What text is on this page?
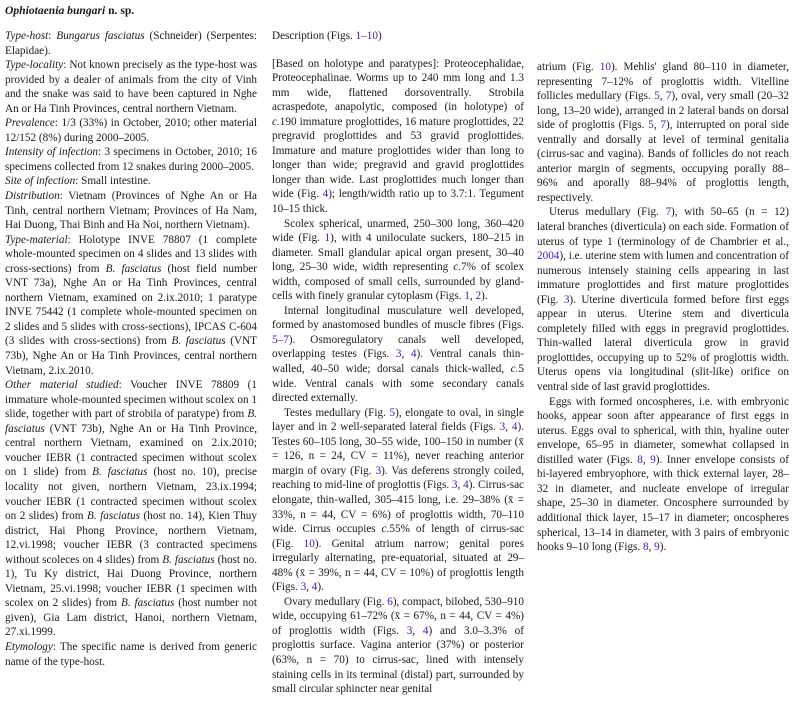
Ophiotaenia bungari n. sp.

Type-host: Bungarus fasciatus (Schneider) (Serpentes: Elapidae).

Type-locality: Not known precisely as the type-host was provided by a dealer of animals from the city of Vinh and the snake was said to have been captured in Nghe An or Ha Tinh Provinces, central northern Vietnam.

Prevalence: 1/3 (33%) in October, 2010; other material 12/152 (8%) during 2000–2005.

Intensity of infection: 3 specimens in October, 2010; 16 specimens collected from 12 snakes during 2000–2005.

Site of infection: Small intestine.

Distribution: Vietnam (Provinces of Nghe An or Ha Tinh, central northern Vietnam; Provinces of Ha Nam, Hai Duong, Thai Binh and Ha Noi, northern Vietnam).

Type-material: Holotype INVE 78807 (1 complete whole-mounted specimen on 4 slides and 13 slides with cross-sections) from B. fasciatus (host field number VNT 73a), Nghe An or Ha Tinh Provinces, central northern Vietnam, examined on 2.ix.2010; 1 paratype INVE 75442 (1 complete whole-mounted specimen on 2 slides and 5 slides with cross-sections), IPCAS C-604 (3 slides with cross-sections) from B. fasciatus (VNT 73b), Nghe An or Ha Tinh Provinces, central northern Vietnam, 2.ix.2010.

Other material studied: Voucher INVE 78809 (1 immature whole-mounted specimen without scolex on 1 slide, together with part of strobila of paratype) from B. fasciatus (VNT 73b), Nghe An or Ha Tinh Province, central northern Vietnam, examined on 2.ix.2010; voucher IEBR (1 contracted specimen without scolex on 1 slide) from B. fasciatus (host no. 10), precise locality not given, northern Vietnam, 23.ix.1994; voucher IEBR (1 contracted specimen without scolex on 2 slides) from B. fasciatus (host no. 14), Kien Thuy district, Hai Phong Province, northern Vietnam, 12.vi.1998; voucher IEBR (3 contracted specimens without scoleces on 4 slides) from B. fasciatus (host no. 1), Tu Ky district, Hai Duong Province, northern Vietnam, 25.vi.1998; voucher IEBR (1 specimen with scolex on 2 slides) from B. fasciatus (host number not given), Gia Lam district, Hanoi, northern Vietnam, 27.xi.1999.

Etymology: The specific name is derived from generic name of the type-host.

Description (Figs. 1–10)

[Based on holotype and paratypes]: Proteocephalidae, Proteocephalinae. Worms up to 240 mm long and 1.3 mm wide, flattened dorsoventrally. Strobila acraspedote, anapolytic, composed (in holotype) of c.190 immature proglottides, 16 mature proglottides, 22 pregravid proglottides and 53 gravid proglottides. Immature and mature proglottides wider than long to longer than wide; pregravid and gravid proglottides longer than wide. Last proglottides much longer than wide (Fig. 4); length/width ratio up to 3.7:1. Tegument 10–15 thick.

Scolex spherical, unarmed, 250–300 long, 360–420 wide (Fig. 1), with 4 uniloculate suckers, 180–215 in diameter. Small glandular apical organ present, 30–40 long, 25–30 wide, width representing c.7% of scolex width, composed of small cells, surrounded by gland-cells with finely granular cytoplasm (Figs. 1, 2).

Internal longitudinal musculature well developed, formed by anastomosed bundles of muscle fibres (Figs. 5–7). Osmoregulatory canals well developed, overlapping testes (Figs. 3, 4). Ventral canals thin-walled, 40–50 wide; dorsal canals thick-walled, c.5 wide. Ventral canals with some secondary canals directed externally.

Testes medullary (Fig. 5), elongate to oval, in single layer and in 2 well-separated lateral fields (Figs. 3, 4). Testes 60–105 long, 30–55 wide, 100–150 in number (x̄ = 126, n = 24, CV = 11%), never reaching anterior margin of ovary (Fig. 3). Vas deferens strongly coiled, reaching to mid-line of proglottis (Figs. 3, 4). Cirrus-sac elongate, thin-walled, 305–415 long, i.e. 29–38% (x̄ = 33%, n = 44, CV = 6%) of proglottis width, 70–110 wide. Cirrus occupies c.55% of length of cirrus-sac (Fig. 10). Genital atrium narrow; genital pores irregularly alternating, pre-equatorial, situated at 29–48% (x̄ = 39%, n = 44, CV = 10%) of proglottis length (Figs. 3, 4).

Ovary medullary (Fig. 6), compact, bilobed, 530–910 wide, occupying 61–72% (x̄ = 67%, n = 44, CV = 4%) of proglottis width (Figs. 3, 4) and 3.0–3.3% of proglottis surface. Vagina anterior (37%) or posterior (63%, n = 70) to cirrus-sac, lined with intensely staining cells in its terminal (distal) part, surrounded by small circular sphincter near genital

atrium (Fig. 10). Mehlis' gland 80–110 in diameter, representing 7–12% of proglottis width. Vitelline follicles medullary (Figs. 5, 7), oval, very small (20–32 long, 13–20 wide), arranged in 2 lateral bands on dorsal side of proglottis (Figs. 5, 7), interrupted on poral side ventrally and dorsally at level of terminal genitalia (cirrus-sac and vagina). Bands of follicles do not reach anterior margin of segments, occupying porally 88–96% and aporally 88–94% of proglottis length, respectively.

Uterus medullary (Fig. 7), with 50–65 (n = 12) lateral branches (diverticula) on each side. Formation of uterus of type 1 (terminology of de Chambrier et al., 2004), i.e. uterine stem with lumen and concentration of numerous intensely staining cells appearing in last immature proglottides and first mature proglottides (Fig. 3). Uterine diverticula formed before first eggs appear in uterus. Uterine stem and diverticula completely filled with eggs in pregravid proglottides. Thin-walled lateral diverticula grow in gravid proglottides, occupying up to 52% of proglottis width. Uterus opens via longitudinal (slit-like) orifice on ventral side of last gravid proglottides.

Eggs with formed oncospheres, i.e. with embryonic hooks, appear soon after appearance of first eggs in uterus. Eggs oval to spherical, with thin, hyaline outer envelope, 65–95 in diameter, somewhat collapsed in distilled water (Figs. 8, 9). Inner envelope consists of bi-layered embryophore, with thick external layer, 28–32 in diameter, and nucleate envelope of irregular shape, 25–30 in diameter. Oncosphere surrounded by additional thick layer, 15–17 in diameter; oncospheres spherical, 13–14 in diameter, with 3 pairs of embryonic hooks 9–10 long (Figs. 8, 9).
